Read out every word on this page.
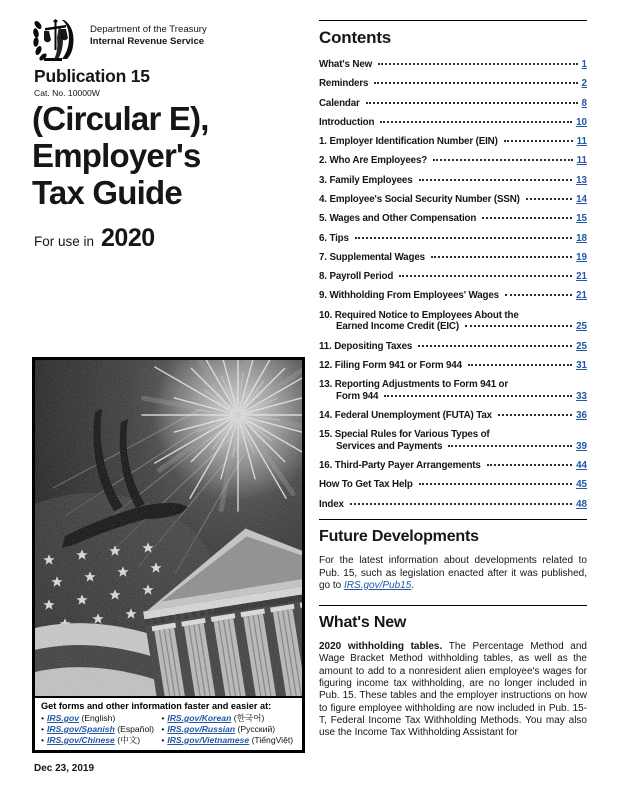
Department of the Treasury
Internal Revenue Service
Publication 15
Cat. No. 10000W
(Circular E),
Employer's
Tax Guide
For use in 2020
Get forms and other information faster and easier at:
• IRS.gov (English)
• IRS.gov/Spanish (Español)
• IRS.gov/Chinese (中文)
• IRS.gov/Korean (한국어)
• IRS.gov/Russian (Русский)
• IRS.gov/Vietnamese (TiếngViệt)
Dec 23, 2019
Contents
What's New	1
Reminders	2
Calendar	8
Introduction	10
1. Employer Identification Number (EIN)	11
2. Who Are Employees?	11
3. Family Employees	13
4. Employee's Social Security Number (SSN)	14
5. Wages and Other Compensation	15
6. Tips	18
7. Supplemental Wages	19
8. Payroll Period	21
9. Withholding From Employees' Wages	21
10. Required Notice to Employees About the
Earned Income Credit (EIC)	25
11. Depositing Taxes	25
12. Filing Form 941 or Form 944	31
13. Reporting Adjustments to Form 941 or
Form 944	33
14. Federal Unemployment (FUTA) Tax	36
15. Special Rules for Various Types of
Services and Payments	39
16. Third-Party Payer Arrangements	44
How To Get Tax Help	45
Index	48
Future Developments

For the latest information about developments related to Pub. 15, such as legislation enacted after it was published, go to IRS.gov/Pub15.

What's New

2020 withholding tables. The Percentage Method and Wage Bracket Method withholding tables, as well as the amount to add to a nonresident alien employee's wages for figuring income tax withholding, are no longer included in Pub. 15. These tables and the employer instructions on how to figure employee withholding are now included in Pub. 15-T, Federal Income Tax Withholding Methods. You may also use the Income Tax Withholding Assistant for
